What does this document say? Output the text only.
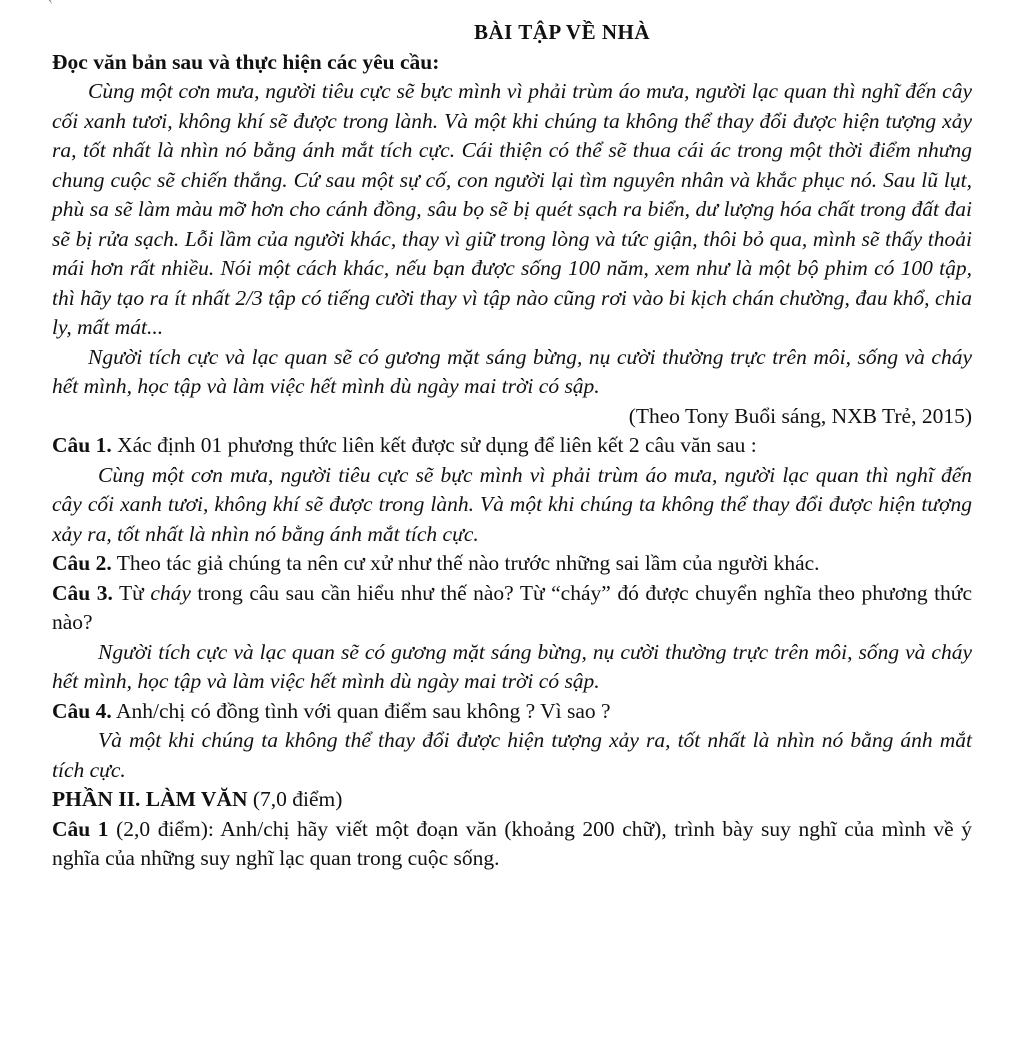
BÀI TẬP VỀ NHÀ

Đọc văn bản sau và thực hiện các yêu cầu:

Cùng một cơn mưa, người tiêu cực sẽ bực mình vì phải trùm áo mưa, người lạc quan thì nghĩ đến cây cối xanh tươi, không khí sẽ được trong lành. Và một khi chúng ta không thể thay đổi được hiện tượng xảy ra, tốt nhất là nhìn nó bằng ánh mắt tích cực. Cái thiện có thể sẽ thua cái ác trong một thời điểm nhưng chung cuộc sẽ chiến thắng. Cứ sau một sự cố, con người lại tìm nguyên nhân và khắc phục nó. Sau lũ lụt, phù sa sẽ làm màu mỡ hơn cho cánh đồng, sâu bọ sẽ bị quét sạch ra biển, dư lượng hóa chất trong đất đai sẽ bị rửa sạch. Lỗi lầm của người khác, thay vì giữ trong lòng và tức giận, thôi bỏ qua, mình sẽ thấy thoải mái hơn rất nhiều. Nói một cách khác, nếu bạn được sống 100 năm, xem như là một bộ phim có 100 tập, thì hãy tạo ra ít nhất 2/3 tập có tiếng cười thay vì tập nào cũng rơi vào bi kịch chán chường, đau khổ, chia ly, mất mát...

Người tích cực và lạc quan sẽ có gương mặt sáng bừng, nụ cười thường trực trên môi, sống và cháy hết mình, học tập và làm việc hết mình dù ngày mai trời có sập.

(Theo Tony Buổi sáng, NXB Trẻ, 2015)

Câu 1. Xác định 01 phương thức liên kết được sử dụng để liên kết 2 câu văn sau :

Cùng một cơn mưa, người tiêu cực sẽ bực mình vì phải trùm áo mưa, người lạc quan thì nghĩ đến cây cối xanh tươi, không khí sẽ được trong lành. Và một khi chúng ta không thể thay đổi được hiện tượng xảy ra, tốt nhất là nhìn nó bằng ánh mắt tích cực.

Câu 2. Theo tác giả chúng ta nên cư xử như thế nào trước những sai lầm của người khác.

Câu 3. Từ cháy trong câu sau cần hiểu như thế nào? Từ “cháy” đó được chuyển nghĩa theo phương thức nào?

Người tích cực và lạc quan sẽ có gương mặt sáng bừng, nụ cười thường trực trên môi, sống và cháy hết mình, học tập và làm việc hết mình dù ngày mai trời có sập.

Câu 4. Anh/chị có đồng tình với quan điểm sau không ? Vì sao ?

Và một khi chúng ta không thể thay đổi được hiện tượng xảy ra, tốt nhất là nhìn nó bằng ánh mắt tích cực.

PHẦN II. LÀM VĂN (7,0 điểm)

Câu 1 (2,0 điểm): Anh/chị hãy viết một đoạn văn (khoảng 200 chữ), trình bày suy nghĩ của mình về ý nghĩa của những suy nghĩ lạc quan trong cuộc sống.
